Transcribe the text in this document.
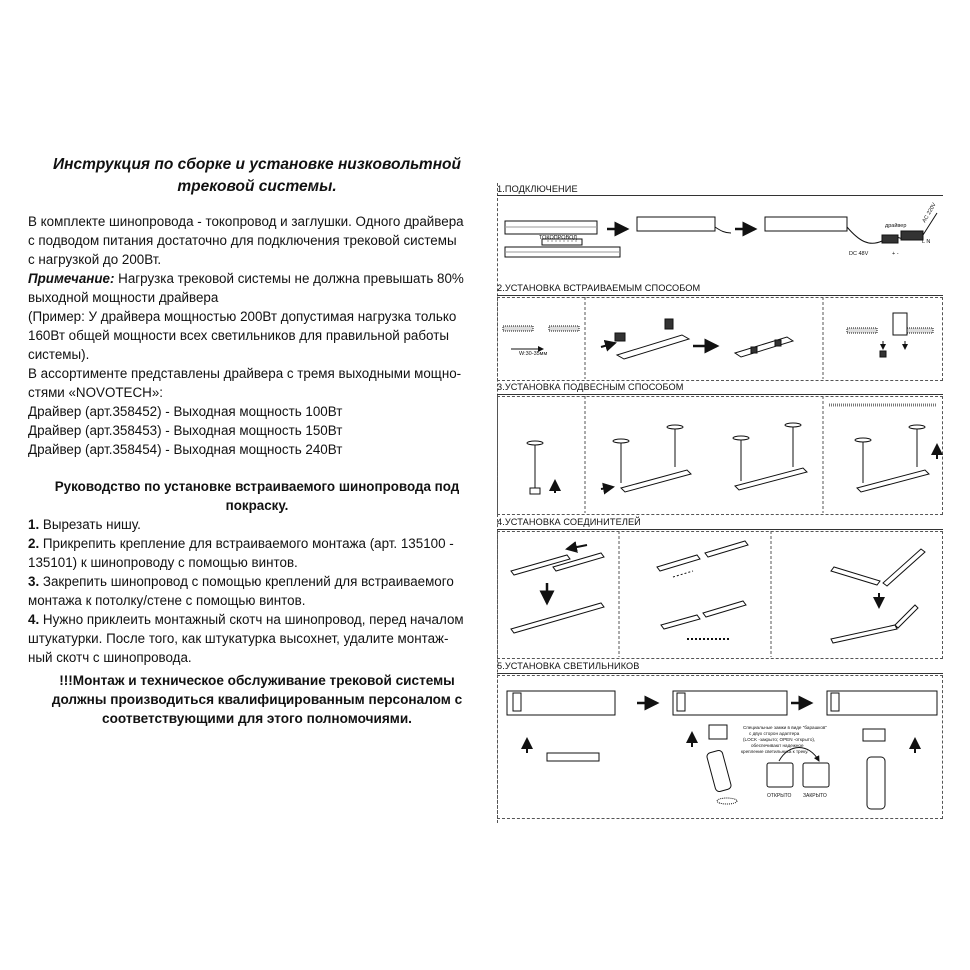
Инструкция по сборке и установке низковольтной
трековой системы.

В комплекте шинопровода - токопровод и заглушки. Одного драйвера

с подводом питания достаточно для подключения трековой системы

с нагрузкой до 200Вт.

Примечание: Нагрузка трековой системы не должна превышать 80%

выходной мощности драйвера

(Пример: У драйвера мощностью 200Вт допустимая нагрузка только

160Вт общей мощности всех светильников для правильной работы

системы).

В ассортименте представлены драйвера с тремя выходными мощно-

стями «NOVOTECH»:

Драйвер (арт.358452) - Выходная мощность 100Вт

Драйвер (арт.358453) - Выходная мощность 150Вт

Драйвер (арт.358454) - Выходная мощность 240Вт

Руководство по установке встраиваемого шинопровода под

покраску.

1. Вырезать нишу.

2. Прикрепить крепление для встраиваемого монтажа (арт. 135100 -

135101) к шинопроводу с помощью винтов.

3. Закрепить шинопровод с помощью креплений для встраиваемого

монтажа к потолку/стене с помощью винтов.

4. Нужно приклеить монтажный скотч на шинопровод, перед началом

штукатурки. После того, как штукатурка высохнет, удалите монтаж-

ный скотч с шинопровода.

!!!Монтаж и техническое обслуживание трековой системы
должны производиться квалифицированным персоналом с
соответствующими для этого полномочиями.
1.ПОДКЛЮЧЕНИЕ
2.УСТАНОВКА ВСТРАИВАЕМЫМ СПОСОБОМ
3.УСТАНОВКА ПОДВЕСНЫМ СПОСОБОМ
4.УСТАНОВКА СОЕДИНИТЕЛЕЙ
5.УСТАНОВКА СВЕТИЛЬНИКОВ
ТОКОПРОВОД
драйвер
AC 220V
L N
DC 48V	+ -
W:30-35мм
Специальные замки в виде "барашков"
с двух сторон адаптера
(LOCK -закрыто; OPEN -открыто),
обеспечивают надежное
крепление светильника к треку.
ОТКРЫТО ЗАКРЫТО
